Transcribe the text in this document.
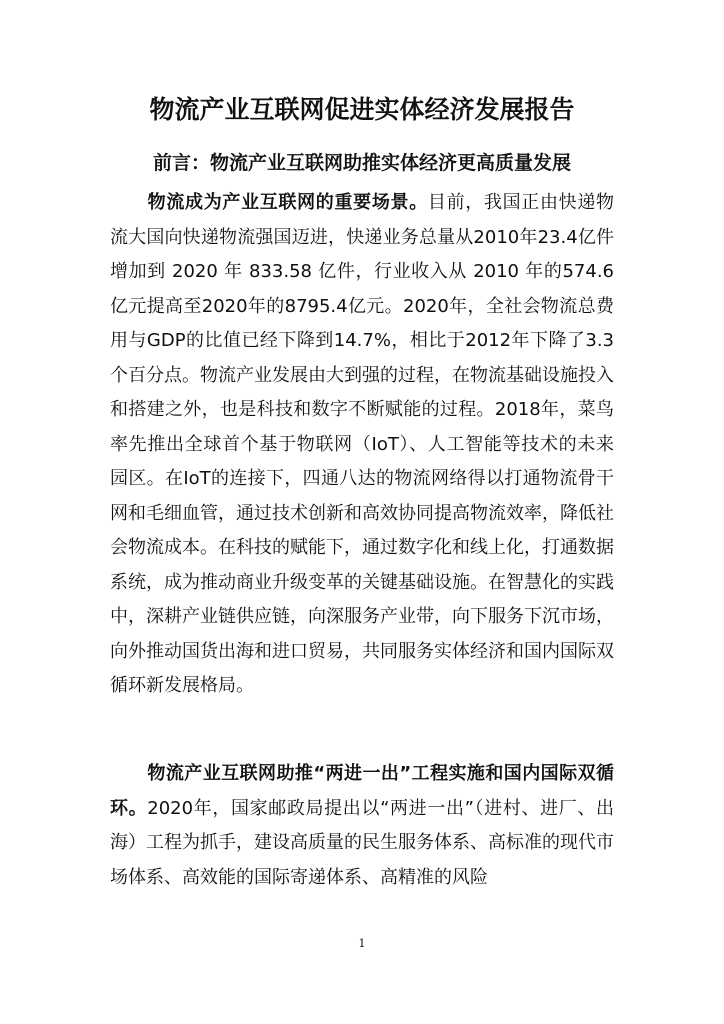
物流产业互联网促进实体经济发展报告
前言：物流产业互联网助推实体经济更高质量发展
物流成为产业互联网的重要场景。目前，我国正由快递物流大国向快递物流强国迈进，快递业务总量从2010年23.4亿件增加到 2020 年 833.58 亿件，行业收入从 2010 年的574.6亿元提高至2020年的8795.4亿元。2020年，全社会物流总费用与GDP的比值已经下降到14.7%，相比于2012年下降了3.3个百分点。物流产业发展由大到强的过程，在物流基础设施投入和搭建之外，也是科技和数字不断赋能的过程。2018年，菜鸟率先推出全球首个基于物联网（IoT）、人工智能等技术的未来园区。在IoT的连接下，四通八达的物流网络得以打通物流骨干网和毛细血管，通过技术创新和高效协同提高物流效率，降低社会物流成本。在科技的赋能下，通过数字化和线上化，打通数据系统，成为推动商业升级变革的关键基础设施。在智慧化的实践中，深耕产业链供应链，向深服务产业带，向下服务下沉市场，向外推动国货出海和进口贸易，共同服务实体经济和国内国际双循环新发展格局。
物流产业互联网助推“两进一出”工程实施和国内国际双循环。2020年，国家邮政局提出以“两进一出”（进村、进厂、出海）工程为抓手，建设高质量的民生服务体系、高标准的现代市场体系、高效能的国际寄递体系、高精准的风险
1
